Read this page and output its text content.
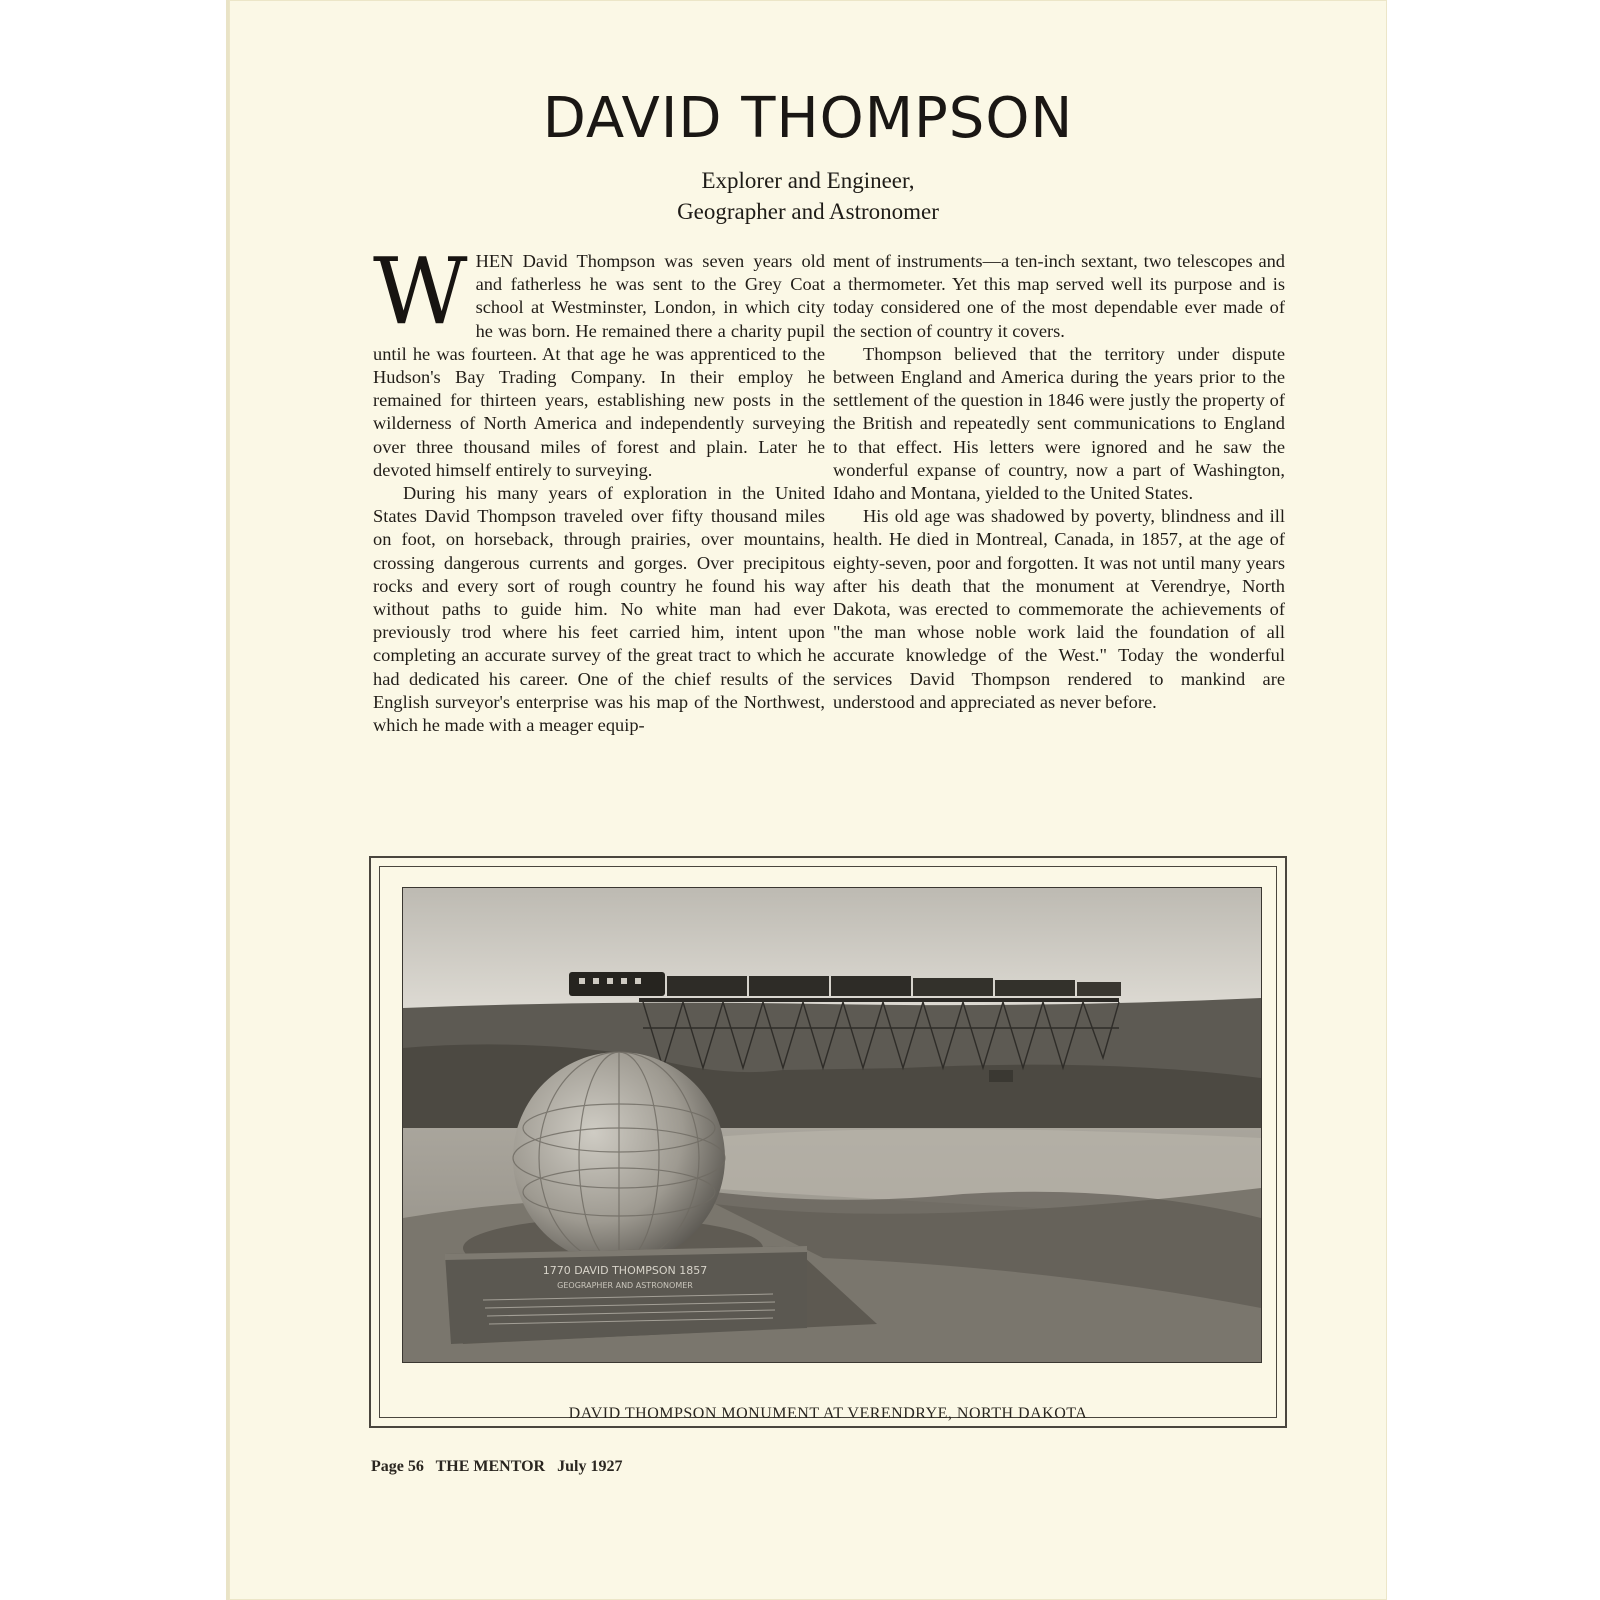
DAVID THOMPSON
Explorer and Engineer,
Geographer and Astronomer

WHEN David Thompson was seven years old and fatherless he was sent to the Grey Coat school at Westminster, London, in which city he was born. He remained there a charity pupil until he was fourteen. At that age he was apprenticed to the Hudson's Bay Trading Company. In their employ he remained for thirteen years, establishing new posts in the wilderness of North America and independently surveying over three thousand miles of forest and plain. Later he devoted himself entirely to surveying.

During his many years of exploration in the United States David Thompson traveled over fifty thousand miles on foot, on horseback, through prairies, over mountains, crossing dangerous currents and gorges. Over precipitous rocks and every sort of rough country he found his way without paths to guide him. No white man had ever previously trod where his feet carried him, intent upon completing an accurate survey of the great tract to which he had dedicated his career. One of the chief results of the English surveyor's enterprise was his map of the Northwest, which he made with a meager equip-

ment of instruments—a ten-inch sextant, two telescopes and a thermometer. Yet this map served well its purpose and is today considered one of the most dependable ever made of the section of country it covers.

Thompson believed that the territory under dispute between England and America during the years prior to the settlement of the question in 1846 were justly the property of the British and repeatedly sent communications to England to that effect. His letters were ignored and he saw the wonderful expanse of country, now a part of Washington, Idaho and Montana, yielded to the United States.

His old age was shadowed by poverty, blindness and ill health. He died in Montreal, Canada, in 1857, at the age of eighty-seven, poor and forgotten. It was not until many years after his death that the monument at Verendrye, North Dakota, was erected to commemorate the achievements of "the man whose noble work laid the foundation of all accurate knowledge of the West." Today the wonderful services David Thompson rendered to mankind are understood and appreciated as never before.

1770 DAVID THOMPSON 1857
GEOGRAPHER AND ASTRONOMER
DAVID THOMPSON MONUMENT AT VERENDRYE, NORTH DAKOTA
Page 56 THE MENTOR July 1927
